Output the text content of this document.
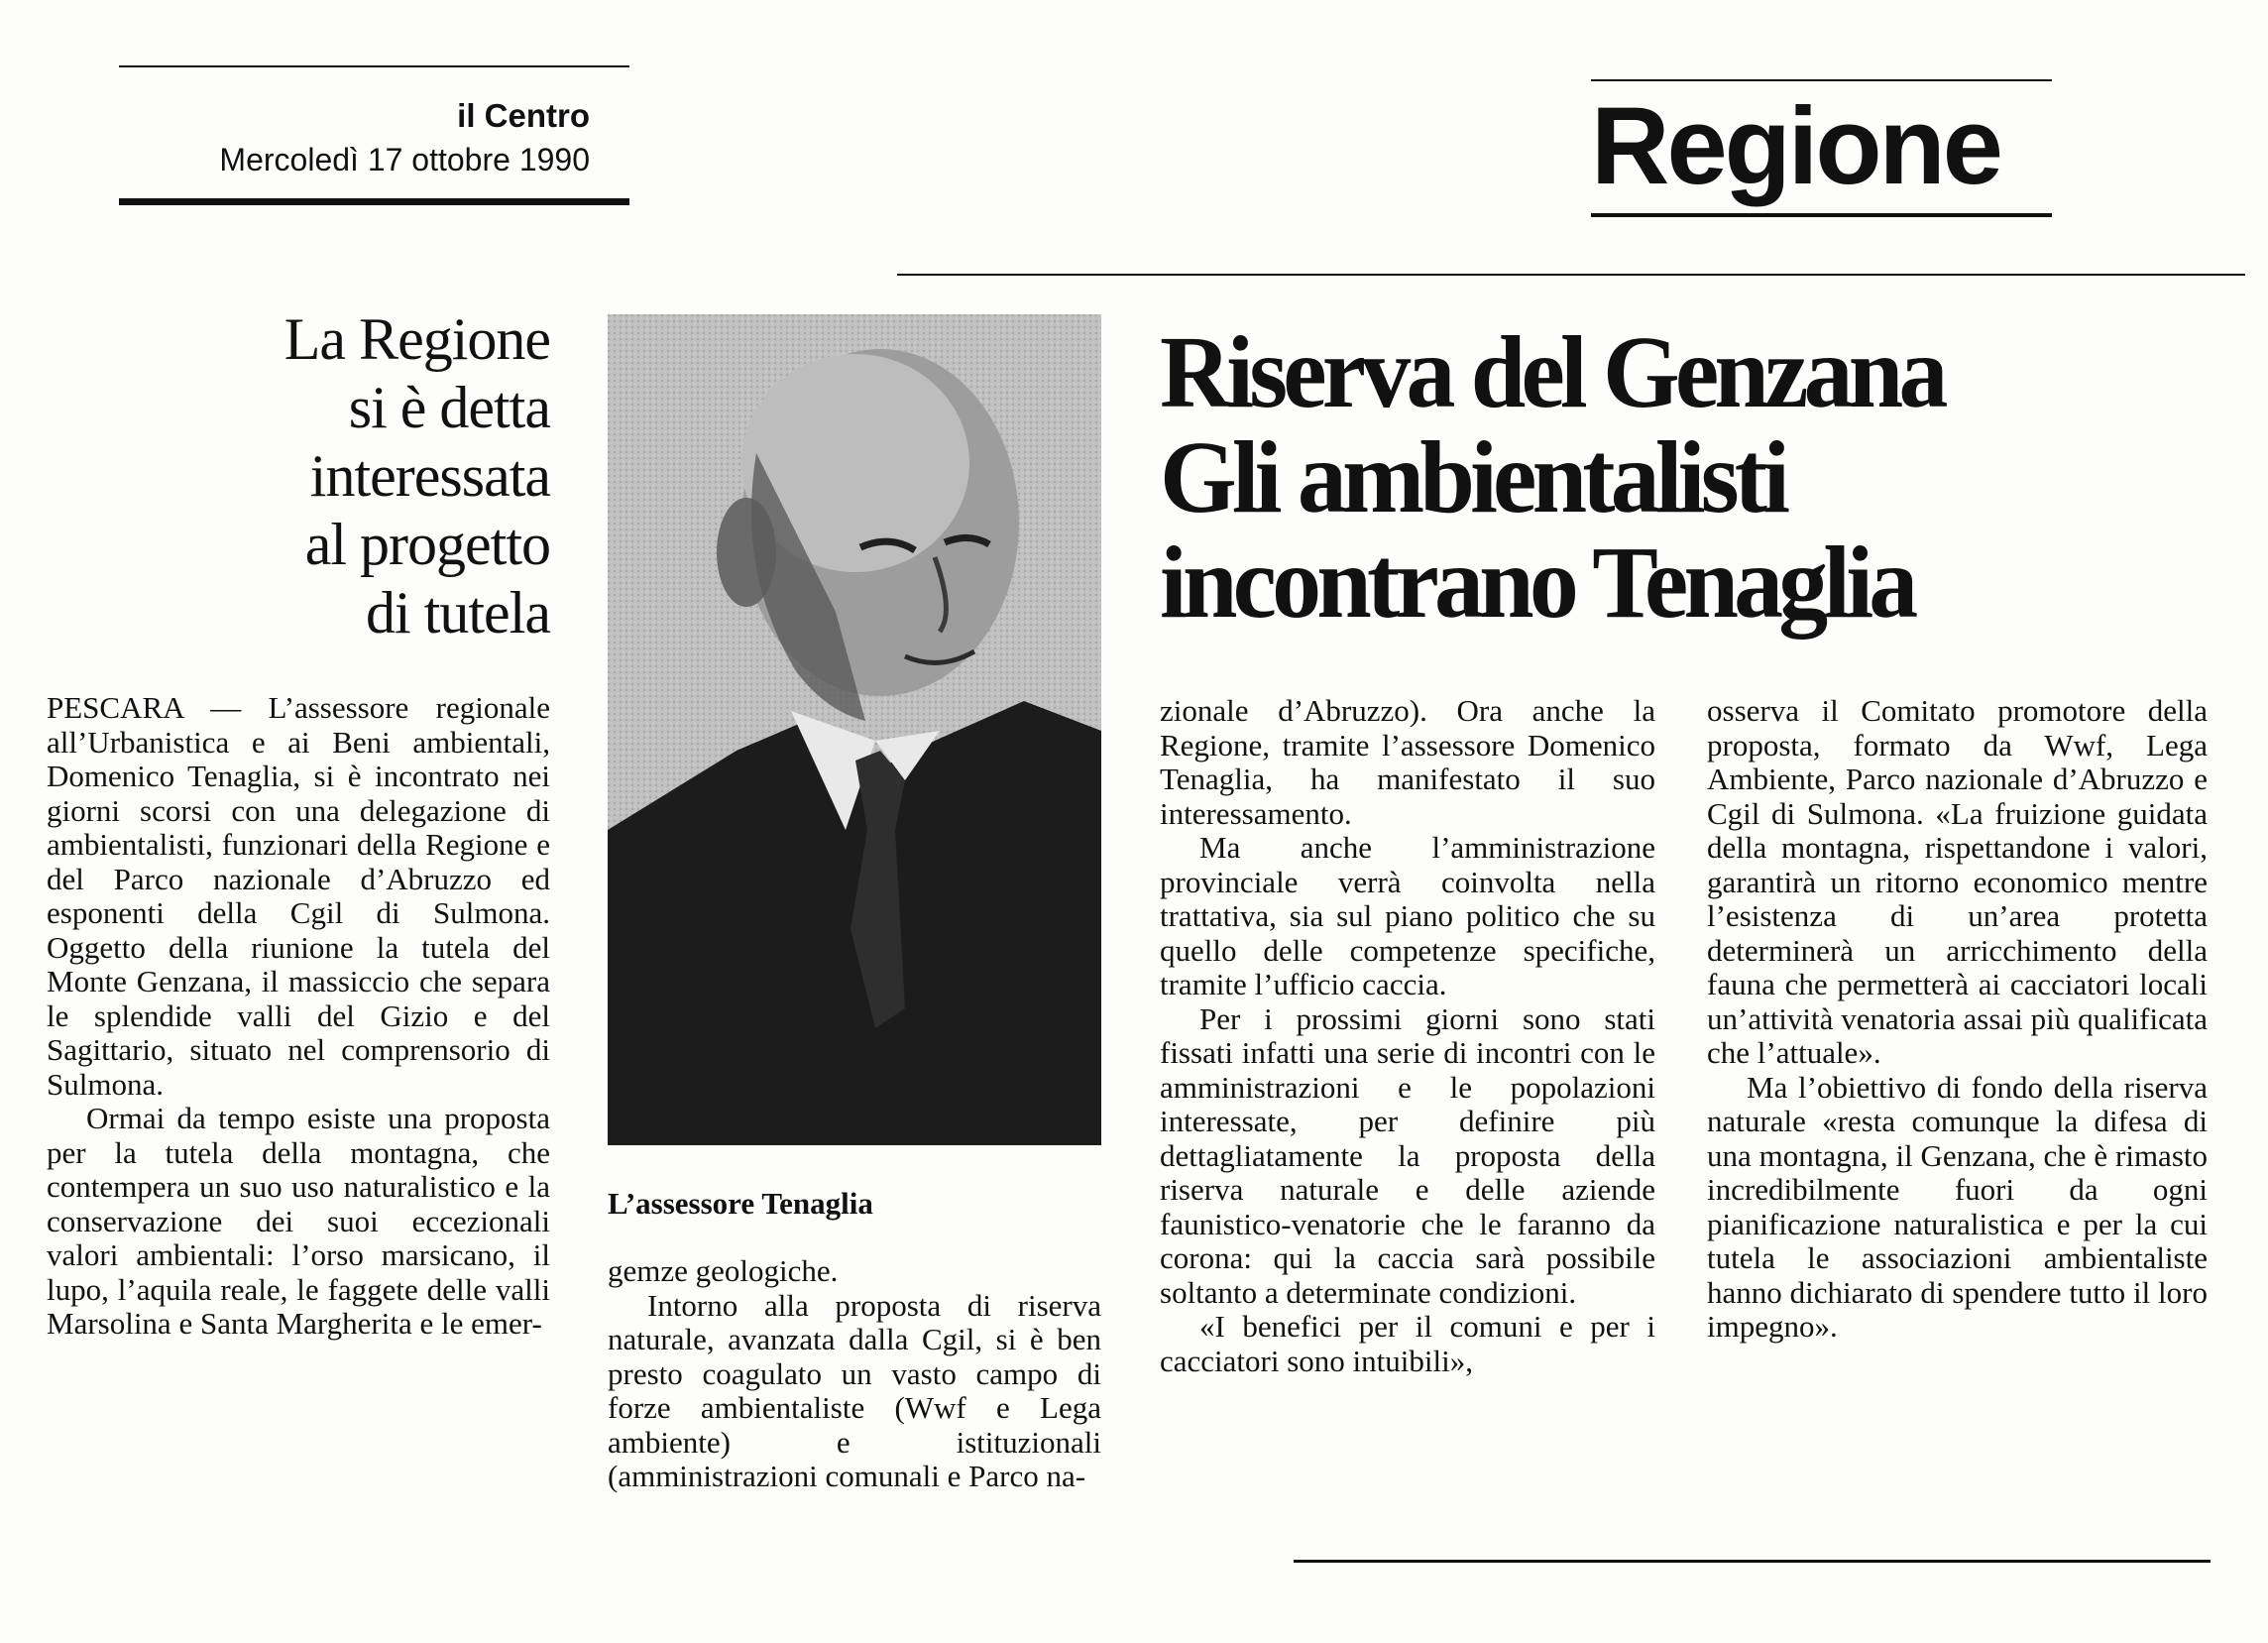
il Centro
Mercoledì 17 ottobre 1990	Regione
La Regione
si è detta
interessata
al progetto
di tutela
Riserva del Genzana
Gli ambientalisti
incontrano Tenaglia
L’assessore Tenaglia

PESCARA — L’assessore regionale all’Urbanistica e ai Beni ambientali, Domenico Tenaglia, si è incontrato nei giorni scorsi con una delegazione di ambientalisti, funzionari della Regione e del Parco nazionale d’Abruzzo ed esponenti della Cgil di Sulmona. Oggetto della riunione la tutela del Monte Genzana, il massiccio che separa le splendide valli del Gizio e del Sagittario, situato nel comprensorio di Sulmona.

Ormai da tempo esiste una proposta per la tutela della montagna, che contempera un suo uso naturalistico e la conservazione dei suoi eccezionali valori ambientali: l’orso marsicano, il lupo, l’aquila reale, le faggete delle valli Marsolina e Santa Margherita e le emer-

gemze geologiche.

Intorno alla proposta di riserva naturale, avanzata dalla Cgil, si è ben presto coagulato un vasto campo di forze ambientaliste (Wwf e Lega ambiente) e istituzionali (amministrazioni comunali e Parco na-

zionale d’Abruzzo). Ora anche la Regione, tramite l’assessore Domenico Tenaglia, ha manifestato il suo interessamento.

Ma anche l’amministrazione provinciale verrà coinvolta nella trattativa, sia sul piano politico che su quello delle competenze specifiche, tramite l’ufficio caccia.

Per i prossimi giorni sono stati fissati infatti una serie di incontri con le amministrazioni e le popolazioni interessate, per definire più dettagliatamente la proposta della riserva naturale e delle aziende faunistico-venatorie che le faranno da corona: qui la caccia sarà possibile soltanto a determinate condizioni.

«I benefici per il comuni e per i cacciatori sono intuibili»,

osserva il Comitato promotore della proposta, formato da Wwf, Lega Ambiente, Parco nazionale d’Abruzzo e Cgil di Sulmona. «La fruizione guidata della montagna, rispettandone i valori, garantirà un ritorno economico mentre l’esistenza di un’area protetta determinerà un arricchimento della fauna che permetterà ai cacciatori locali un’attività venatoria assai più qualificata che l’attuale».

Ma l’obiettivo di fondo della riserva naturale «resta comunque la difesa di una montagna, il Genzana, che è rimasto incredibilmente fuori da ogni pianificazione naturalistica e per la cui tutela le associazioni ambientaliste hanno dichiarato di spendere tutto il loro impegno».
